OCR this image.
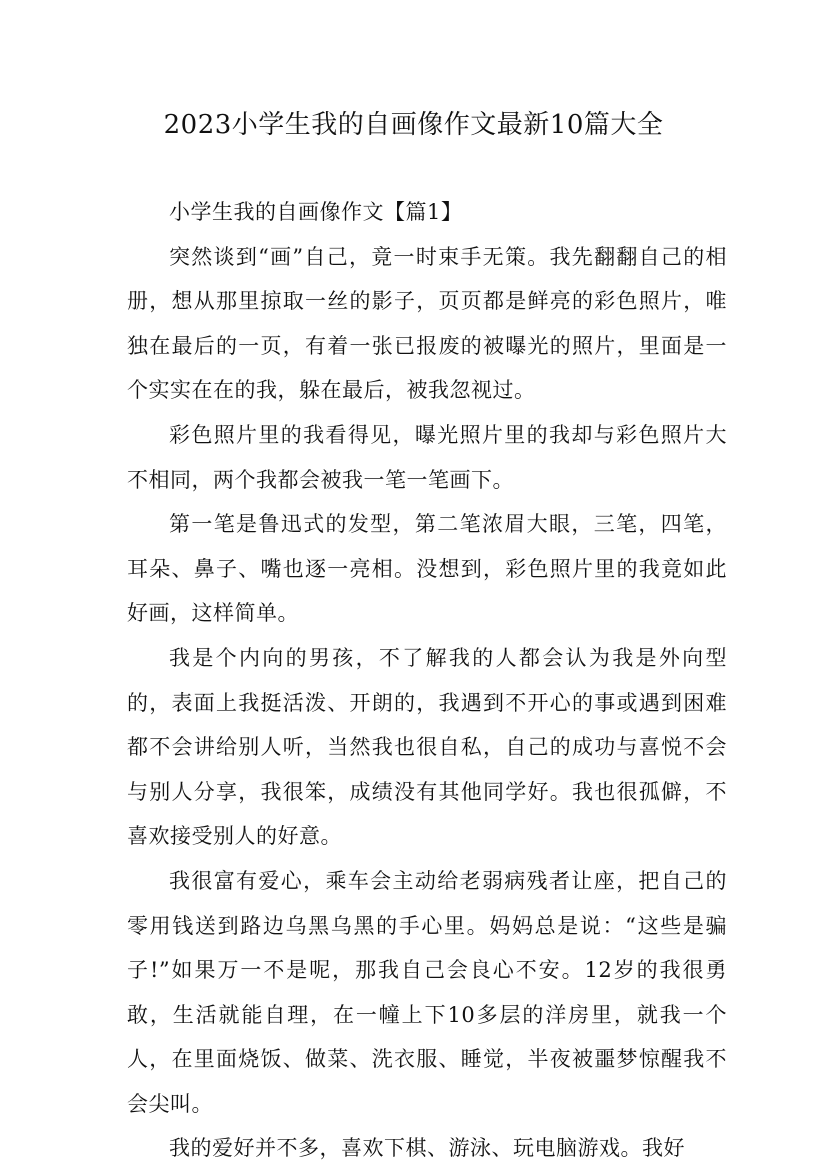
2023小学生我的自画像作文最新10篇大全

小学生我的自画像作文【篇1】

突然谈到“画”自己，竟一时束手无策。我先翻翻自己的相册，想从那里掠取一丝的影子，页页都是鲜亮的彩色照片，唯独在最后的一页，有着一张已报废的被曝光的照片，里面是一个实实在在的我，躲在最后，被我忽视过。

彩色照片里的我看得见，曝光照片里的我却与彩色照片大不相同，两个我都会被我一笔一笔画下。

第一笔是鲁迅式的发型，第二笔浓眉大眼，三笔，四笔，耳朵、鼻子、嘴也逐一亮相。没想到，彩色照片里的我竟如此好画，这样简单。

我是个内向的男孩，不了解我的人都会认为我是外向型的，表面上我挺活泼、开朗的，我遇到不开心的事或遇到困难都不会讲给别人听，当然我也很自私，自己的成功与喜悦不会与别人分享，我很笨，成绩没有其他同学好。我也很孤僻，不喜欢接受别人的好意。

我很富有爱心，乘车会主动给老弱病残者让座，把自己的零用钱送到路边乌黑乌黑的手心里。妈妈总是说：“这些是骗子!”如果万一不是呢，那我自己会良心不安。12岁的我很勇敢，生活就能自理，在一幢上下10多层的洋房里，就我一个人，在里面烧饭、做菜、洗衣服、睡觉，半夜被噩梦惊醒我不会尖叫。

我的爱好并不多，喜欢下棋、游泳、玩电脑游戏。我好
